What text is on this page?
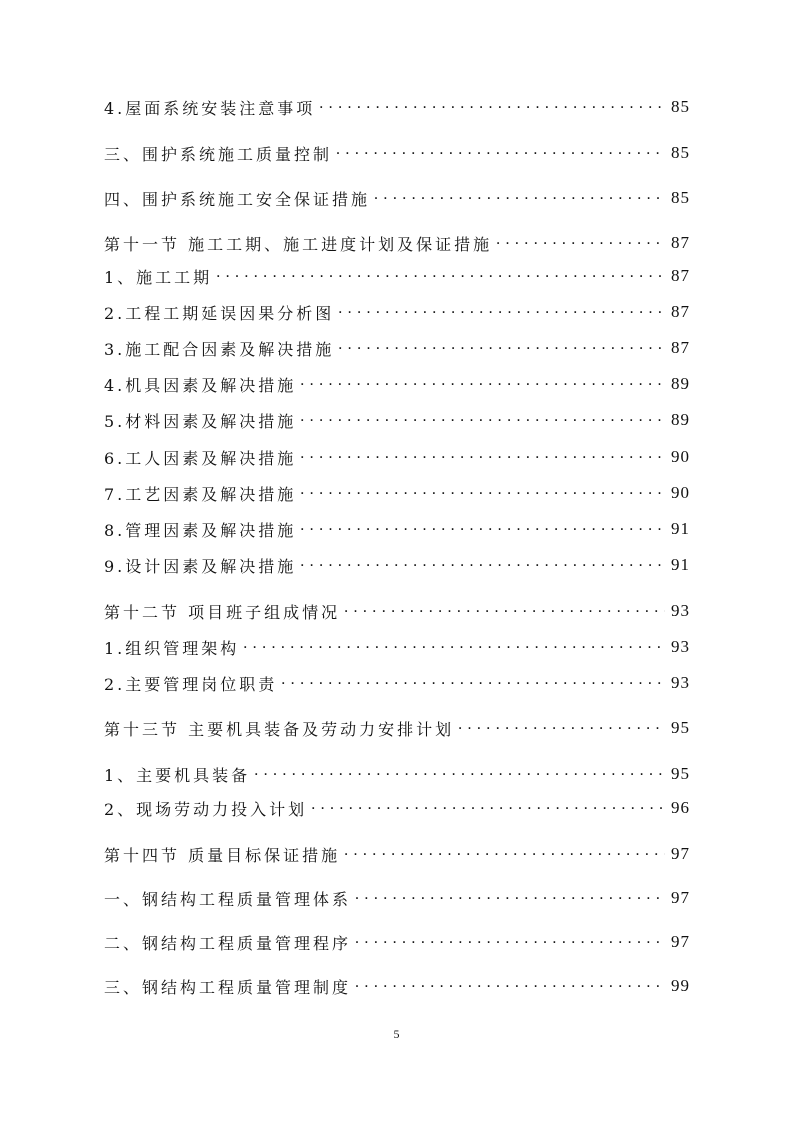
4.屋面系统安装注意事项 .....	85
三、围护系统施工质量控制 .....	85
四、围护系统施工安全保证措施 .....	85
第十一节 施工工期、施工进度计划及保证措施 .....	87
1、施工工期 .....	87
2.工程工期延误因果分析图 .....	87
3.施工配合因素及解决措施 .....	87
4.机具因素及解决措施 .....	89
5.材料因素及解决措施 .....	89
6.工人因素及解决措施 .....	90
7.工艺因素及解决措施 .....	90
8.管理因素及解决措施 .....	91
9.设计因素及解决措施 .....	91
第十二节 项目班子组成情况 .....	93
1.组织管理架构 .....	93
2.主要管理岗位职责 .....	93
第十三节 主要机具装备及劳动力安排计划 .....	95
1、主要机具装备 .....	95
2、现场劳动力投入计划 .....	96
第十四节 质量目标保证措施 .....	97
一、钢结构工程质量管理体系 .....	97
二、钢结构工程质量管理程序 .....	97
三、钢结构工程质量管理制度 .....	99
5
